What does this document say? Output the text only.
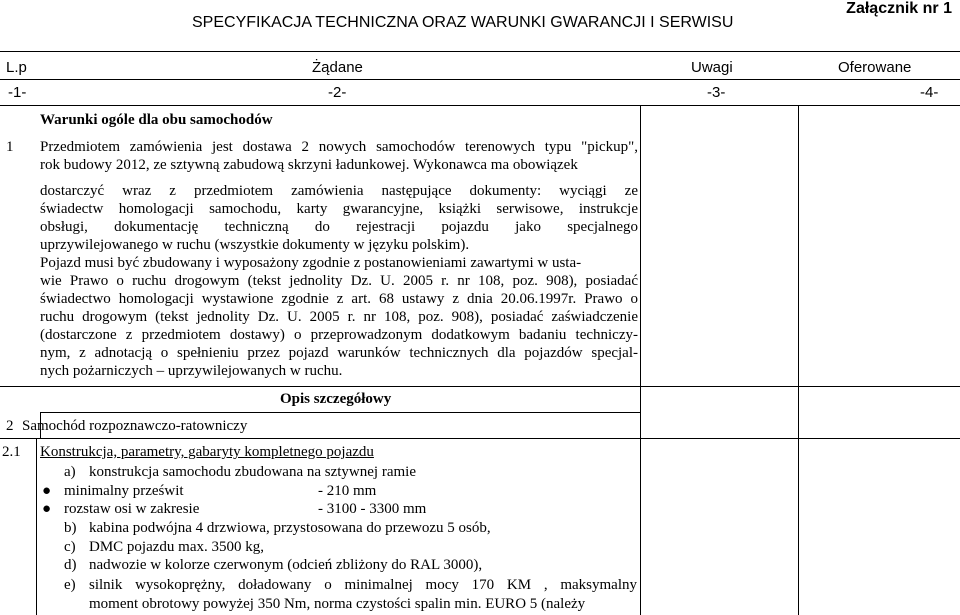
SPECYFIKACJA TECHNICZNA ORAZ WARUNKI GWARANCJI I SERWISU
Załącznik nr 1
L.p	Żądane	Uwagi	Oferowane
-1-	-2-	-3-	-4-
Warunki ogóle dla obu samochodów
1 Przedmiotem zamówienia jest dostawa 2 nowych samochodów terenowych typu "pickup",
rok budowy 2012, ze sztywną zabudową skrzyni ładunkowej. Wykonawca ma obowiązek
dostarczyć wraz z przedmiotem zamówienia następujące dokumenty: wyciągi ze
świadectw homologacji samochodu, karty gwarancyjne, książki serwisowe, instrukcje
obsługi, dokumentację techniczną do rejestracji pojazdu jako specjalnego
uprzywilejowanego w ruchu (wszystkie dokumenty w języku polskim).
Pojazd musi być zbudowany i wyposażony zgodnie z postanowieniami zawartymi w usta-
wie Prawo o ruchu drogowym (tekst jednolity Dz. U. 2005 r. nr 108, poz. 908), posiadać
świadectwo homologacji wystawione zgodnie z art. 68 ustawy z dnia 20.06.1997r. Prawo o
ruchu drogowym (tekst jednolity Dz. U. 2005 r. nr 108, poz. 908), posiadać zaświadczenie
(dostarczone z przedmiotem dostawy) o przeprowadzonym dodatkowym badaniu techniczy-
nym, z adnotacją o spełnieniu przez pojazd warunków technicznych dla pojazdów specjal-
nych pożarniczych – uprzywilejowanych w ruchu.
Opis szczegółowy
2 Samochód rozpoznawczo-ratowniczy
2.1 Konstrukcja, parametry, gabaryty kompletnego pojazdu
a) konstrukcja samochodu zbudowana na sztywnej ramie
● minimalny prześwit	- 210 mm
● rozstaw osi w zakresie	- 3100 - 3300 mm
b) kabina podwójna 4 drzwiowa, przystosowana do przewozu 5 osób,
c) DMC pojazdu max. 3500 kg,
d) nadwozie w kolorze czerwonym (odcień zbliżony do RAL 3000),
e) silnik wysokoprężny, doładowany o minimalnej mocy 170 KM , maksymalny
moment obrotowy powyżej 350 Nm, norma czystości spalin min. EURO 5 (należy
